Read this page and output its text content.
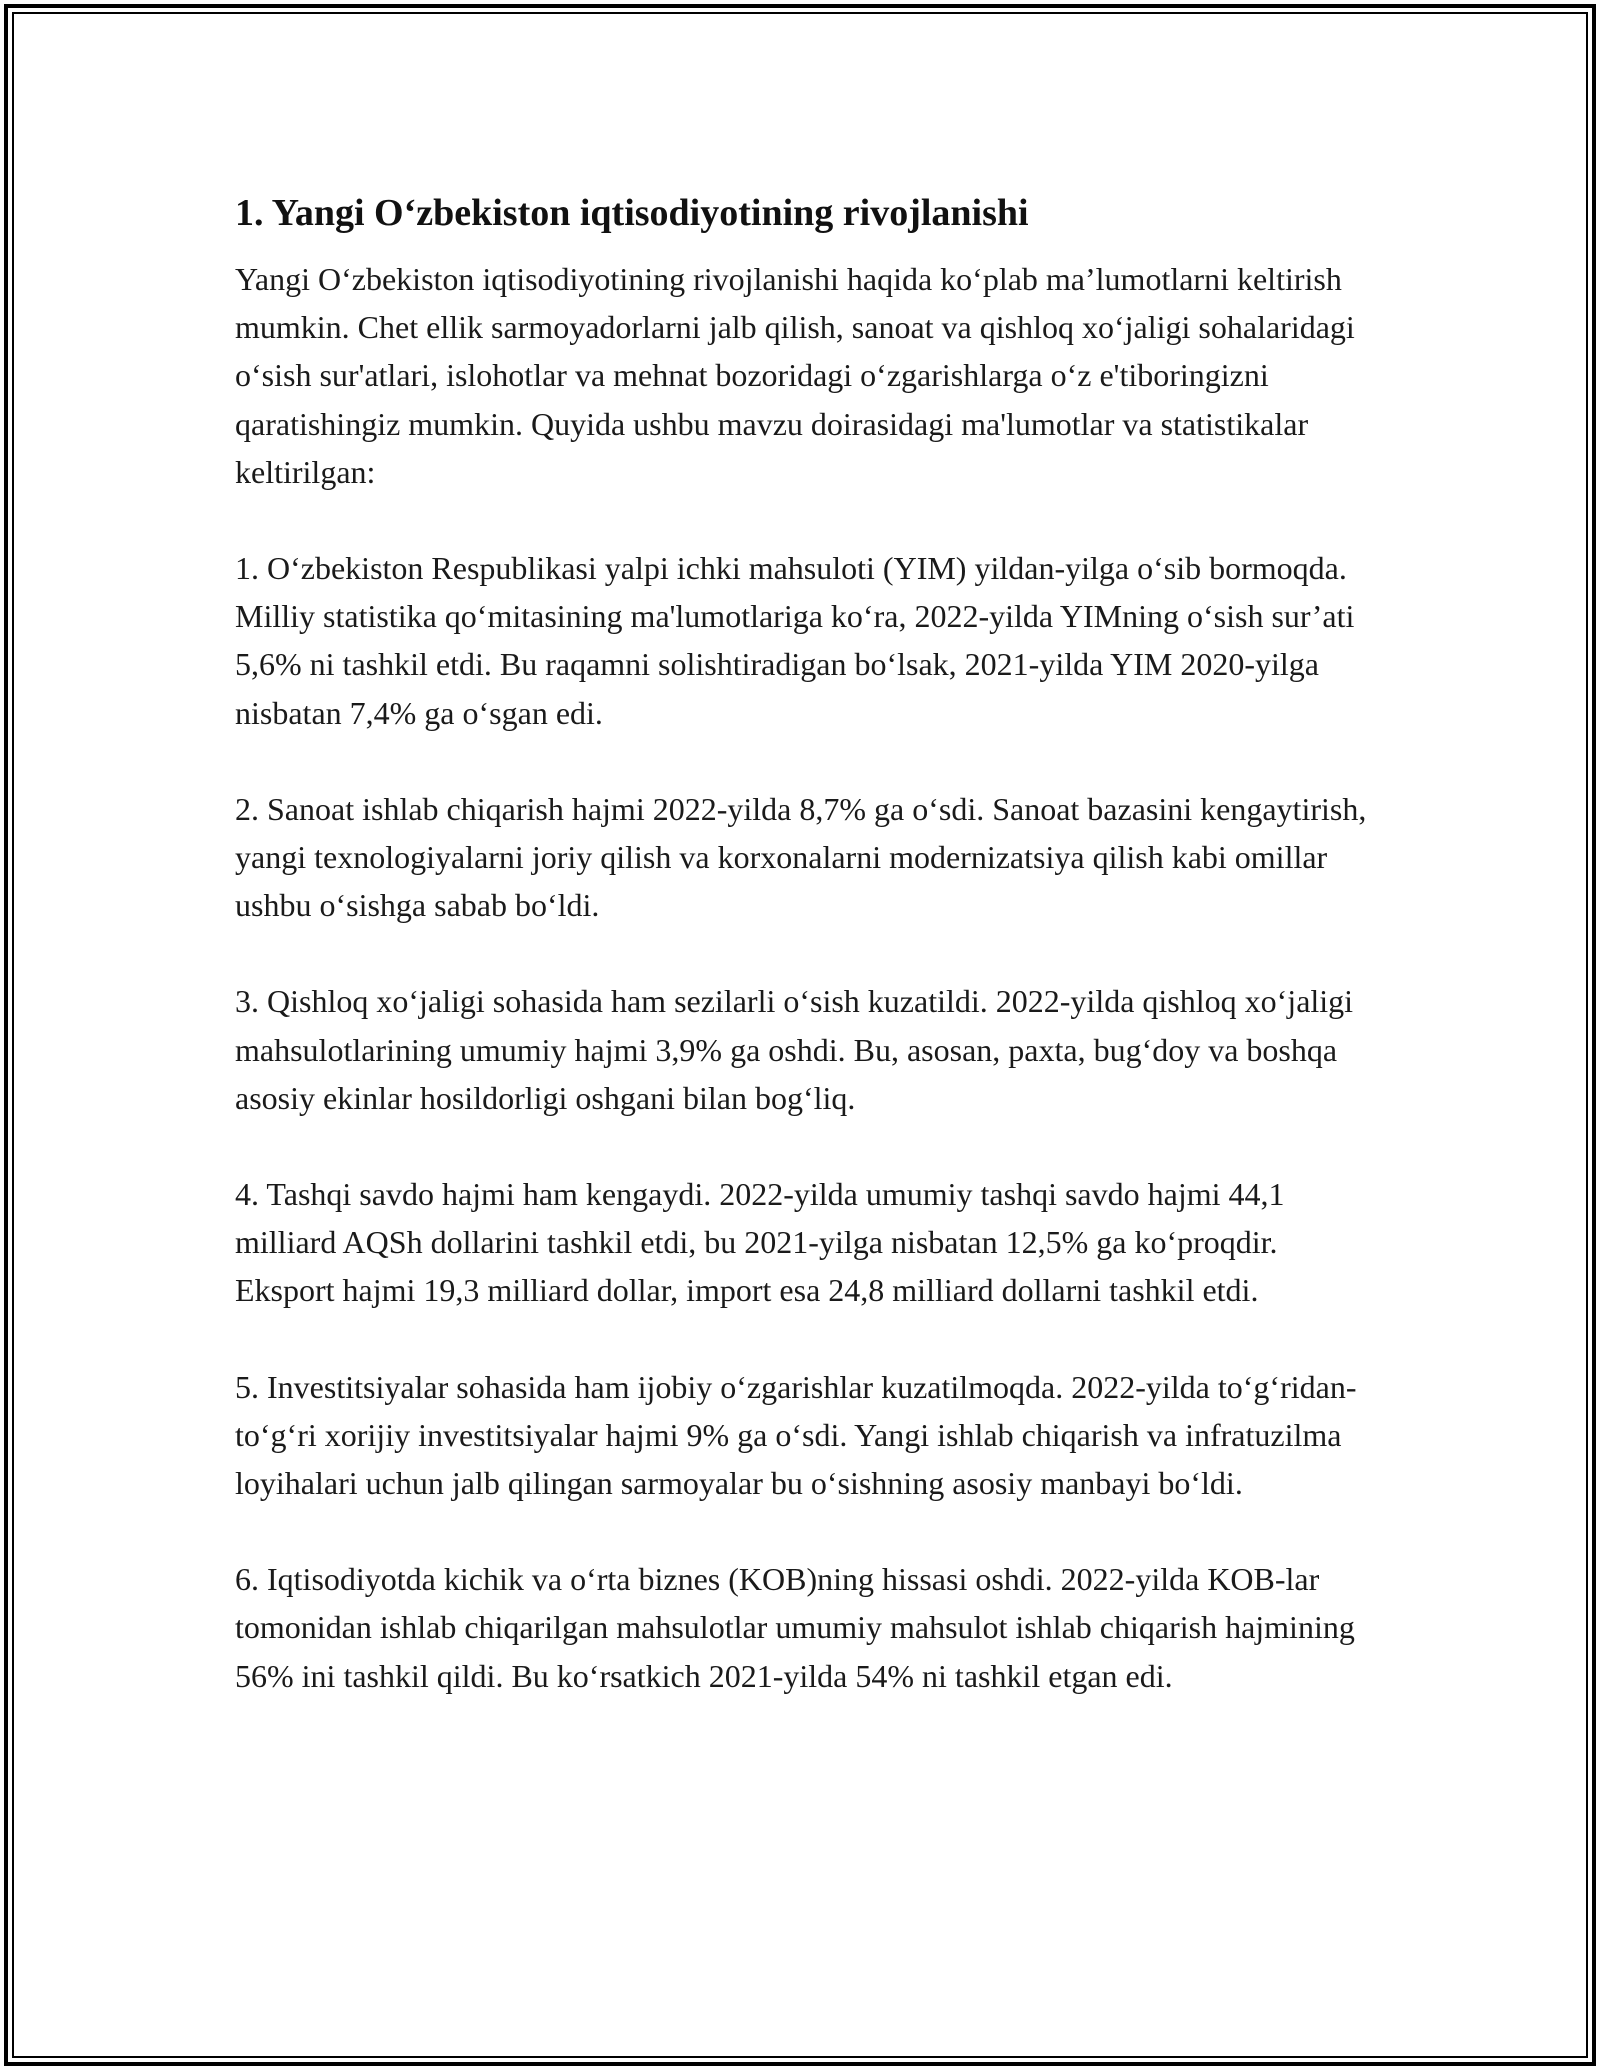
1. Yangi O‘zbekiston iqtisodiyotining rivojlanishi

Yangi O‘zbekiston iqtisodiyotining rivojlanishi haqida ko‘plab ma’lumotlarni keltirish mumkin. Chet ellik sarmoyadorlarni jalb qilish, sanoat va qishloq xo‘jaligi sohalaridagi o‘sish sur'atlari, islohotlar va mehnat bozoridagi o‘zgarishlarga o‘z e'tiboringizni qaratishingiz mumkin. Quyida ushbu mavzu doirasidagi ma'lumotlar va statistikalar keltirilgan:

1. O‘zbekiston Respublikasi yalpi ichki mahsuloti (YIM) yildan-yilga o‘sib bormoqda. Milliy statistika qo‘mitasining ma'lumotlariga ko‘ra, 2022-yilda YIMning o‘sish sur’ati 5,6% ni tashkil etdi. Bu raqamni solishtiradigan bo‘lsak, 2021-yilda YIM 2020-yilga nisbatan 7,4% ga o‘sgan edi.

2. Sanoat ishlab chiqarish hajmi 2022-yilda 8,7% ga o‘sdi. Sanoat bazasini kengaytirish, yangi texnologiyalarni joriy qilish va korxonalarni modernizatsiya qilish kabi omillar ushbu o‘sishga sabab bo‘ldi.

3. Qishloq xo‘jaligi sohasida ham sezilarli o‘sish kuzatildi. 2022-yilda qishloq xo‘jaligi mahsulotlarining umumiy hajmi 3,9% ga oshdi. Bu, asosan, paxta, bug‘doy va boshqa asosiy ekinlar hosildorligi oshgani bilan bog‘liq.

4. Tashqi savdo hajmi ham kengaydi. 2022-yilda umumiy tashqi savdo hajmi 44,1 milliard AQSh dollarini tashkil etdi, bu 2021-yilga nisbatan 12,5% ga ko‘proqdir. Eksport hajmi 19,3 milliard dollar, import esa 24,8 milliard dollarni tashkil etdi.

5. Investitsiyalar sohasida ham ijobiy o‘zgarishlar kuzatilmoqda. 2022-yilda to‘g‘ridan-to‘g‘ri xorijiy investitsiyalar hajmi 9% ga o‘sdi. Yangi ishlab chiqarish va infratuzilma loyihalari uchun jalb qilingan sarmoyalar bu o‘sishning asosiy manbayi bo‘ldi.

6. Iqtisodiyotda kichik va o‘rta biznes (KOB)ning hissasi oshdi. 2022-yilda KOB-lar tomonidan ishlab chiqarilgan mahsulotlar umumiy mahsulot ishlab chiqarish hajmining 56% ini tashkil qildi. Bu ko‘rsatkich 2021-yilda 54% ni tashkil etgan edi.
